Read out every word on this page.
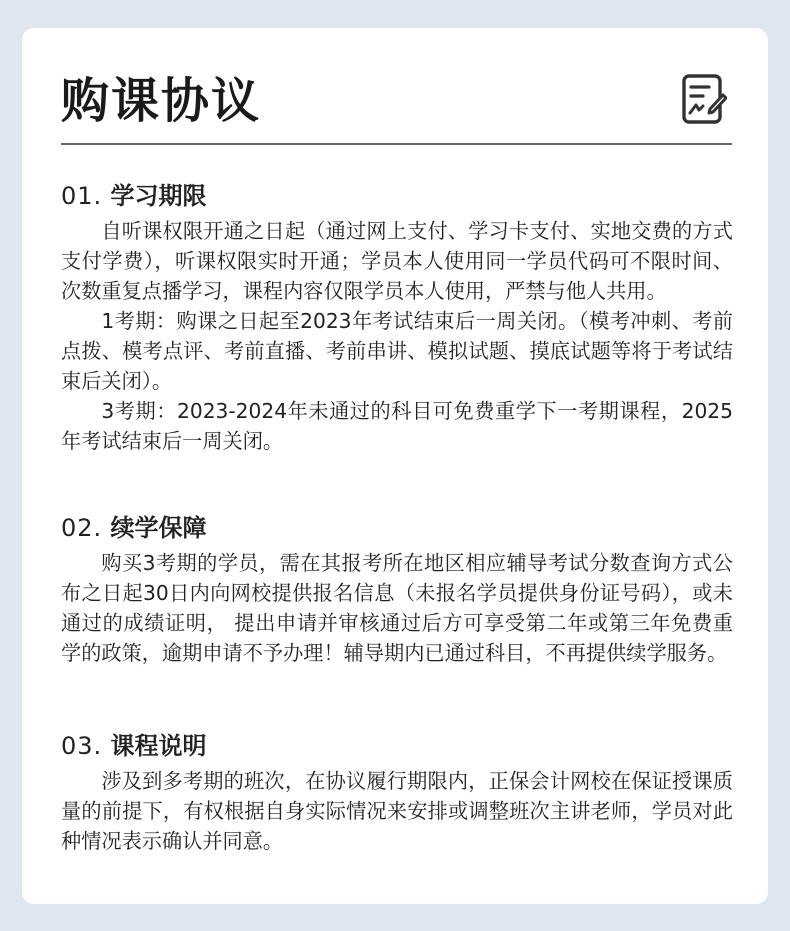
购课协议
01. 学习期限

自听课权限开通之日起（通过网上支付、学习卡支付、实地交费的方式支付学费），听课权限实时开通；学员本人使用同一学员代码可不限时间、次数重复点播学习，课程内容仅限学员本人使用，严禁与他人共用。

1考期：购课之日起至2023年考试结束后一周关闭。（模考冲刺、考前点拨、模考点评、考前直播、考前串讲、模拟试题、摸底试题等将于考试结束后关闭）。

3考期：2023-2024年未通过的科目可免费重学下一考期课程，2025年考试结束后一周关闭。

02. 续学保障

购买3考期的学员，需在其报考所在地区相应辅导考试分数查询方式公布之日起30日内向网校提供报名信息（未报名学员提供身份证号码），或未通过的成绩证明， 提出申请并审核通过后方可享受第二年或第三年免费重学的政策，逾期申请不予办理！辅导期内已通过科目，不再提供续学服务。

03. 课程说明

涉及到多考期的班次，在协议履行期限内，正保会计网校在保证授课质量的前提下，有权根据自身实际情况来安排或调整班次主讲老师，学员对此种情况表示确认并同意。
